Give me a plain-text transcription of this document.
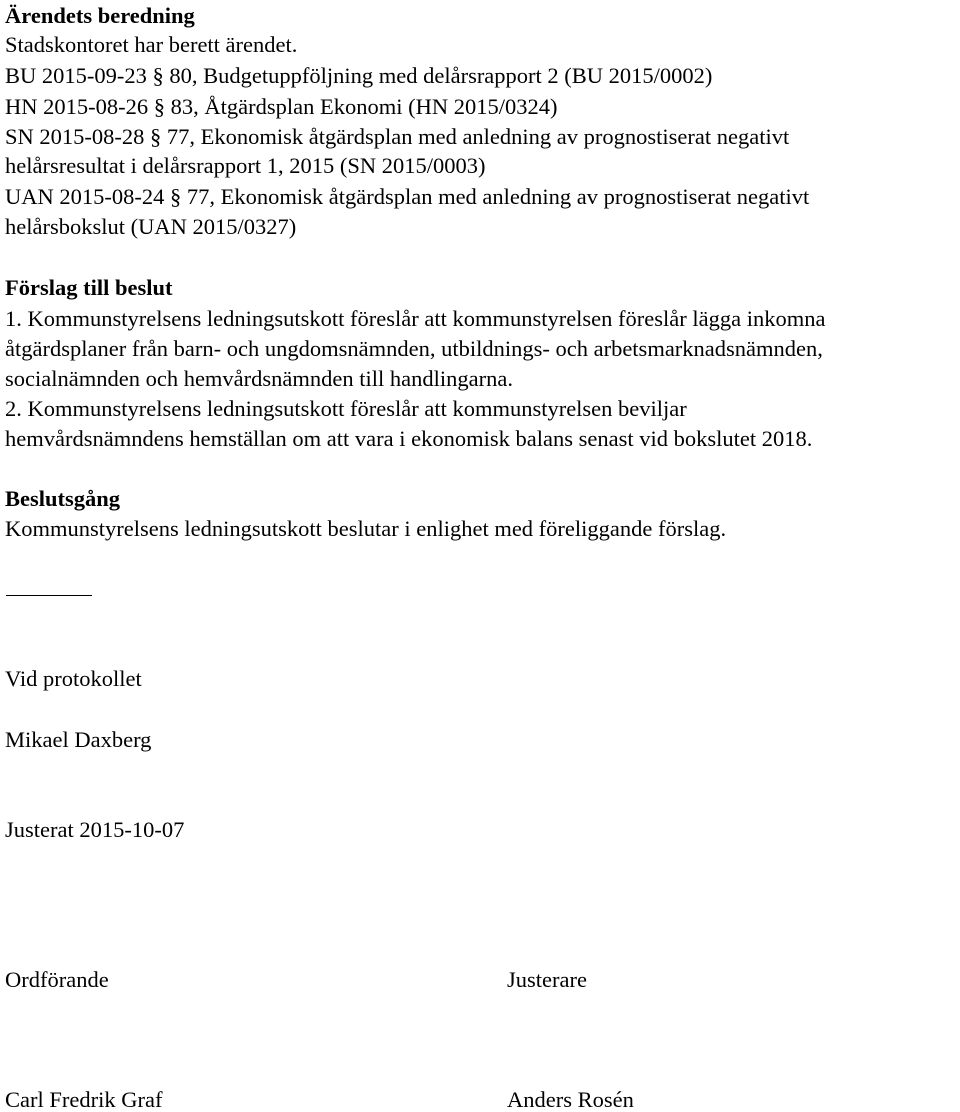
Ärendets beredning
Stadskontoret har berett ärendet.
BU 2015-09-23 § 80, Budgetuppföljning med delårsrapport 2 (BU 2015/0002)
HN 2015-08-26 § 83, Åtgärdsplan Ekonomi (HN 2015/0324)
SN 2015-08-28 § 77, Ekonomisk åtgärdsplan med anledning av prognostiserat negativt
helårsresultat i delårsrapport 1, 2015 (SN 2015/0003)
UAN 2015-08-24 § 77, Ekonomisk åtgärdsplan med anledning av prognostiserat negativt
helårsbokslut (UAN 2015/0327)
Förslag till beslut
1. Kommunstyrelsens ledningsutskott föreslår att kommunstyrelsen föreslår lägga inkomna
åtgärdsplaner från barn- och ungdomsnämnden, utbildnings- och arbetsmarknadsnämnden,
socialnämnden och hemvårdsnämnden till handlingarna.
2. Kommunstyrelsens ledningsutskott föreslår att kommunstyrelsen beviljar
hemvårdsnämndens hemställan om att vara i ekonomisk balans senast vid bokslutet 2018.
Beslutsgång
Kommunstyrelsens ledningsutskott beslutar i enlighet med föreliggande förslag.
Vid protokollet
Mikael Daxberg
Justerat 2015-10-07
Ordförande	Justerare
Carl Fredrik Graf	Anders Rosén
